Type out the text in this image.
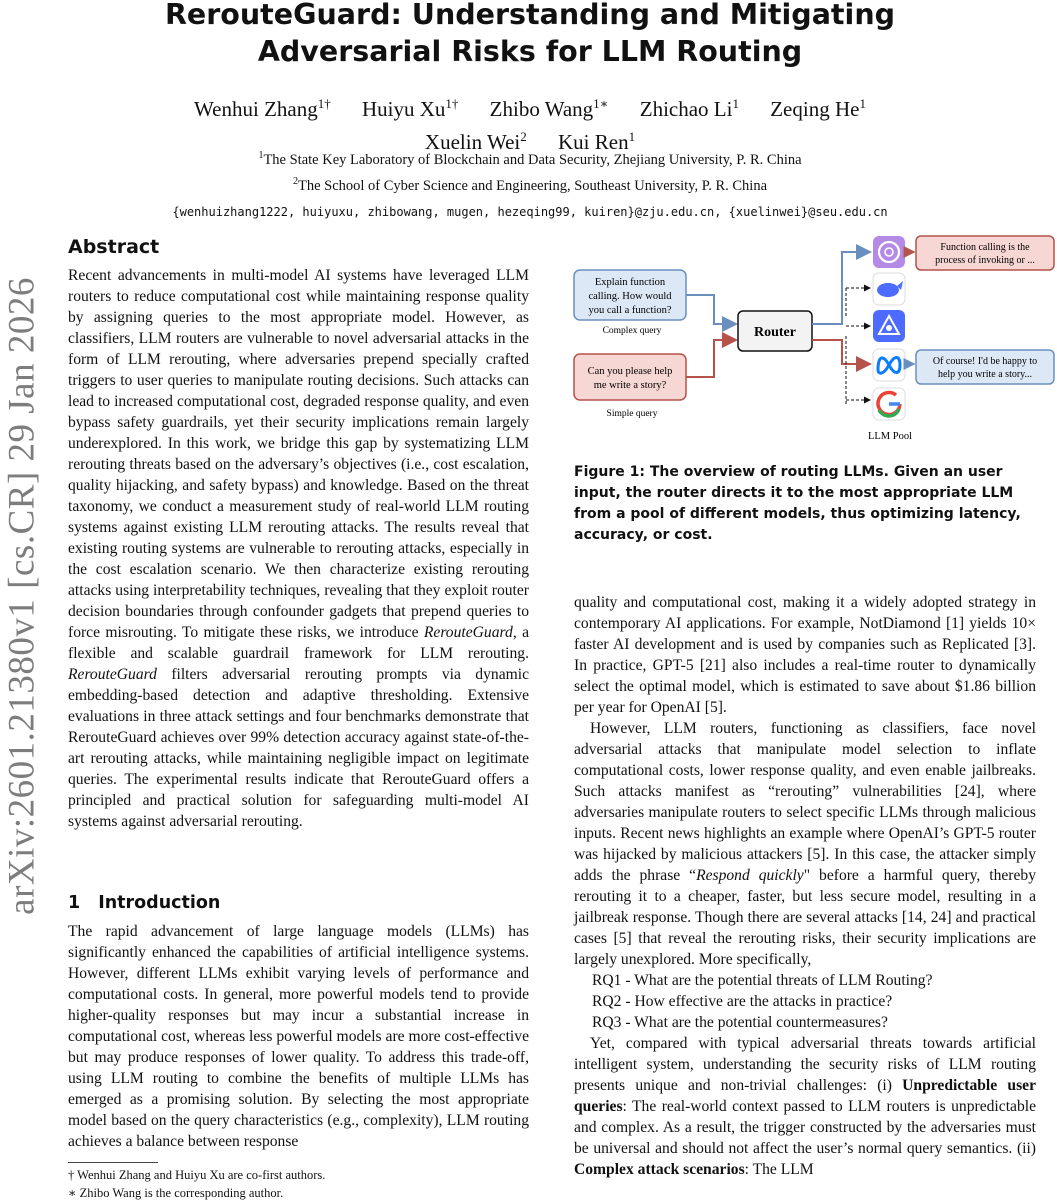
arXiv:2601.21380v1 [cs.CR] 29 Jan 2026
RerouteGuard: Understanding and Mitigating
Adversarial Risks for LLM Routing
Wenhui Zhang$^{1\dagger}$ Huiyu $Xu^{1\dagger}$ Zhibo Wang$^{1∗}$ Zhichao Li$^1$ Zeqing He$^1$
Xuelin Wei$^2$ Kui Ren$^1$
$^1$The State Key Laboratory of Blockchain and Data Security, Zhejiang University, P. R. China
$^2$The School of Cyber Science and Engineering, Southeast University, P. R. China
{wenhuizhang1222, huiyuxu, zhibowang, mugen, hezeqing99, kuiren}@zju.edu.cn, {xuelinwei}@seu.edu.cn
Abstract

Recent advancements in multi-model AI systems have leveraged LLM routers to reduce computational cost while maintaining response quality by assigning queries to the most appropriate model. However, as classifiers, LLM routers are vulnerable to novel adversarial attacks in the form of LLM rerouting, where adversaries prepend specially crafted triggers to user queries to manipulate routing decisions. Such attacks can lead to increased computational cost, degraded response quality, and even bypass safety guardrails, yet their security implications remain largely underexplored. In this work, we bridge this gap by systematizing LLM rerouting threats based on the adversary’s objectives (i.e., cost escalation, quality hijacking, and safety bypass) and knowledge. Based on the threat taxonomy, we conduct a measurement study of real-world LLM routing systems against existing LLM rerouting attacks. The results reveal that existing routing systems are vulnerable to rerouting attacks, especially in the cost escalation scenario. We then characterize existing rerouting attacks using interpretability techniques, revealing that they exploit router decision boundaries through confounder gadgets that prepend queries to force misrouting. To mitigate these risks, we introduce RerouteGuard, a flexible and scalable guardrail framework for LLM rerouting. RerouteGuard filters adversarial rerouting prompts via dynamic embedding-based detection and adaptive thresholding. Extensive evaluations in three attack settings and four benchmarks demonstrate that RerouteGuard achieves over 99% detection accuracy against state-of-the-art rerouting attacks, while maintaining negligible impact on legitimate queries. The experimental results indicate that RerouteGuard offers a principled and practical solution for safeguarding multi-model AI systems against adversarial rerouting.

1 Introduction

The rapid advancement of large language models (LLMs) has significantly enhanced the capabilities of artificial intelligence systems. However, different LLMs exhibit varying levels of performance and computational costs. In general, more powerful models tend to provide higher-quality responses but may incur a substantial increase in computational cost, whereas less powerful models are more cost-effective but may produce responses of lower quality. To address this trade-off, using LLM routing to combine the benefits of multiple LLMs has emerged as a promising solution. By selecting the most appropriate model based on the query characteristics (e.g., complexity), LLM routing achieves a balance between response

† Wenhui Zhang and Huiyu Xu are co-first authors.
∗ Zhibo Wang is the corresponding author.
Explain function
calling. How would
you call a function?
Complex query
Can you please help
me write a story?
Simple query
Router
LLM Pool
Function calling is the
process of invoking or ...
Of course! I'd be happy to
help you write a story...

Figure 1: The overview of routing LLMs. Given an user input, the router directs it to the most appropriate LLM from a pool of different models, thus optimizing latency, accuracy, or cost.

quality and computational cost, making it a widely adopted strategy in contemporary AI applications. For example, NotDiamond [1] yields 10× faster AI development and is used by companies such as Replicated [3]. In practice, GPT-5 [21] also includes a real-time router to dynamically select the optimal model, which is estimated to save about $1.86 billion per year for OpenAI [5].

However, LLM routers, functioning as classifiers, face novel adversarial attacks that manipulate model selection to inflate computational costs, lower response quality, and even enable jailbreaks. Such attacks manifest as “rerouting” vulnerabilities [24], where adversaries manipulate routers to select specific LLMs through malicious inputs. Recent news highlights an example where OpenAI’s GPT-5 router was hijacked by malicious attackers [5]. In this case, the attacker simply adds the phrase “Respond quickly" before a harmful query, thereby rerouting it to a cheaper, faster, but less secure model, resulting in a jailbreak response. Though there are several attacks [14, 24] and practical cases [5] that reveal the rerouting risks, their security implications are largely unexplored. More specifically,

RQ1 - What are the potential threats of LLM Routing?

RQ2 - How effective are the attacks in practice?

RQ3 - What are the potential countermeasures?

Yet, compared with typical adversarial threats towards artificial intelligent system, understanding the security risks of LLM routing presents unique and non-trivial challenges: (i) Unpredictable user queries: The real-world context passed to LLM routers is unpredictable and complex. As a result, the trigger constructed by the adversaries must be universal and should not affect the user’s normal query semantics. (ii) Complex attack scenarios: The LLM
